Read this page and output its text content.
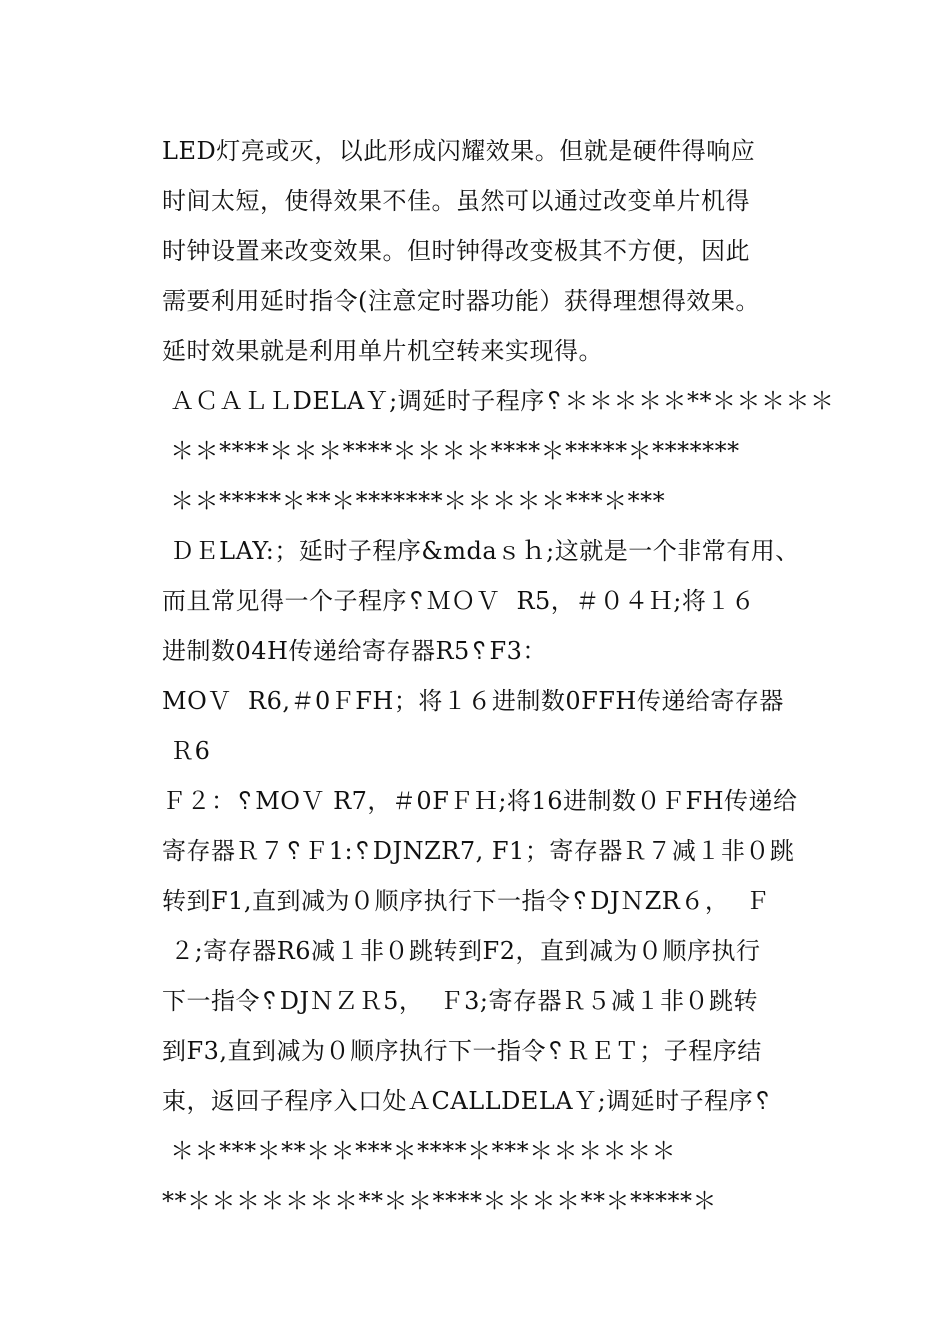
LED灯亮或灭，以此形成闪耀效果。但就是硬件得响应
时间太短，使得效果不佳。虽然可以通过改变单片机得
时钟设置来改变效果。但时钟得改变极其不方便，因此
需要利用延时指令(注意定时器功能）获得理想得效果。
延时效果就是利用单片机空转来实现得。
ＡＣＡＬＬDELAＹ;调延时子程序␦＊＊＊＊＊**＊＊＊＊＊
＊＊****＊＊＊****＊＊＊＊****＊*****＊*******
＊＊*****＊**＊*******＊＊＊＊＊***＊***
ＤＥLAY:；延时子程序&mdaｓｈ;这就是一个非常有用、
而且常见得一个子程序␦ＭＯＶ  R5，＃０４Ｈ;将１６
进制数04H传递给寄存器R5␦F3：
MOＶ  R6,＃0ＦFH；将１６进制数0FFH传递给寄存器
Ｒ6
Ｆ２：␦MOＶ R7，＃0FＦＨ;将16进制数０ＦFH传递给
寄存器Ｒ７␦Ｆ1:␦DJNZR7, F1；寄存器Ｒ７减１非０跳
转到F1,直到减为０顺序执行下一指令␦DJＮZR６，  Ｆ
２;寄存器R6减１非０跳转到F2，直到减为０顺序执行
下一指令␦DJＮＺＲ5，  Ｆ3;寄存器Ｒ５减１非０跳转
到F3,直到减为０顺序执行下一指令␦ＲＥＴ；子程序结
束，返回子程序入口处ＡCALLDELAＹ;调延时子程序␦
＊＊***＊**＊＊***＊****＊***＊＊＊＊＊＊
**＊＊＊＊＊＊＊**＊＊****＊＊＊＊**＊*****＊
